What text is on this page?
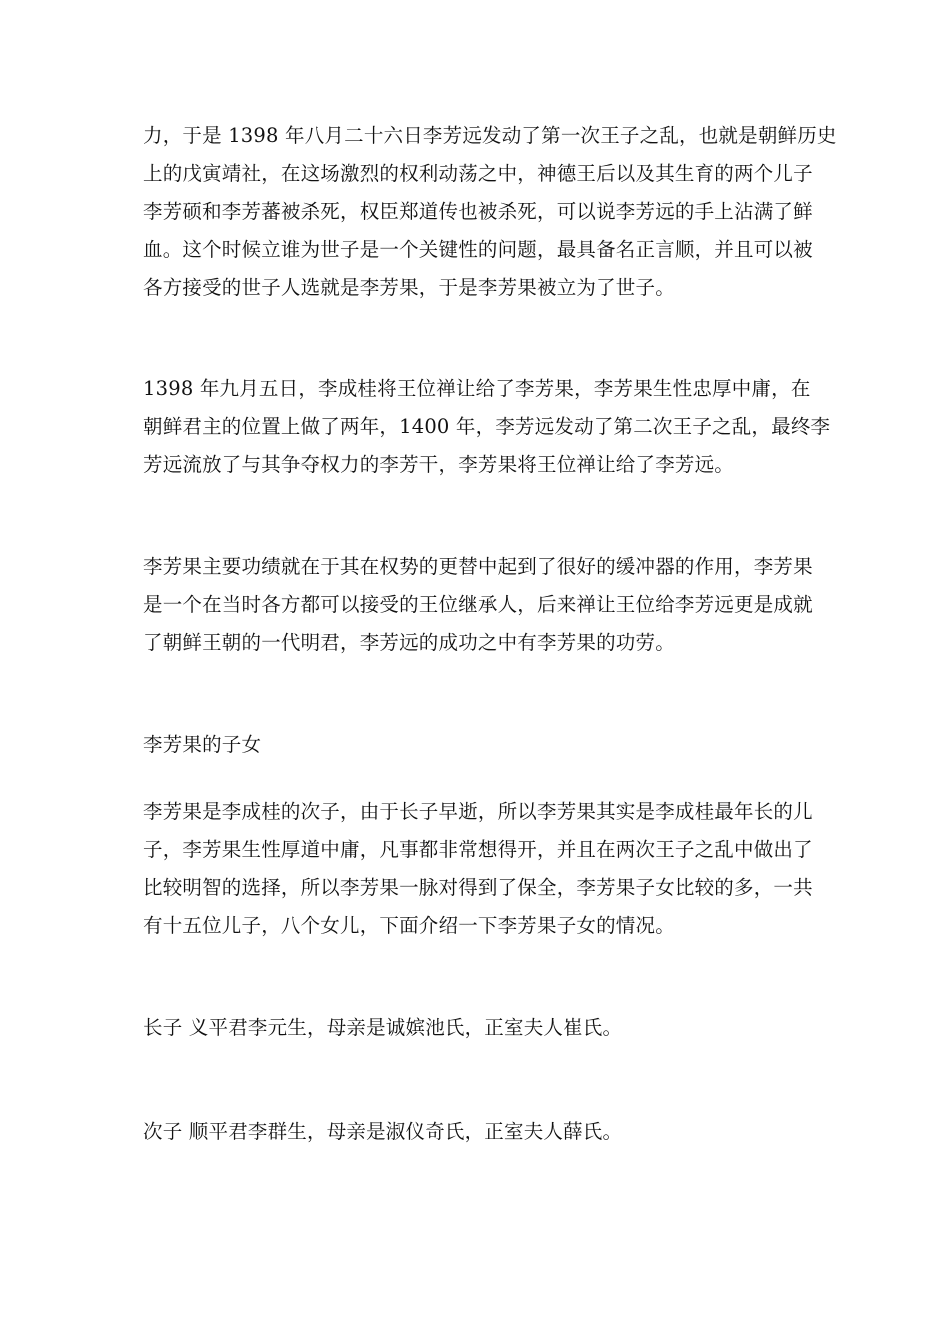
力，于是 1398 年八月二十六日李芳远发动了第一次王子之乱，也就是朝鲜历史
上的戊寅靖社，在这场激烈的权利动荡之中，神德王后以及其生育的两个儿子
李芳硕和李芳蕃被杀死，权臣郑道传也被杀死，可以说李芳远的手上沾满了鲜
血。这个时候立谁为世子是一个关键性的问题，最具备名正言顺，并且可以被
各方接受的世子人选就是李芳果，于是李芳果被立为了世子。
1398 年九月五日，李成桂将王位禅让给了李芳果，李芳果生性忠厚中庸，在
朝鲜君主的位置上做了两年，1400 年，李芳远发动了第二次王子之乱，最终李
芳远流放了与其争夺权力的李芳干，李芳果将王位禅让给了李芳远。
李芳果主要功绩就在于其在权势的更替中起到了很好的缓冲器的作用，李芳果
是一个在当时各方都可以接受的王位继承人，后来禅让王位给李芳远更是成就
了朝鲜王朝的一代明君，李芳远的成功之中有李芳果的功劳。
李芳果的子女
李芳果是李成桂的次子，由于长子早逝，所以李芳果其实是李成桂最年长的儿
子，李芳果生性厚道中庸，凡事都非常想得开，并且在两次王子之乱中做出了
比较明智的选择，所以李芳果一脉对得到了保全，李芳果子女比较的多，一共
有十五位儿子，八个女儿，下面介绍一下李芳果子女的情况。
长子 义平君李元生，母亲是诚嫔池氏，正室夫人崔氏。
次子 顺平君李群生，母亲是淑仪奇氏，正室夫人薛氏。
